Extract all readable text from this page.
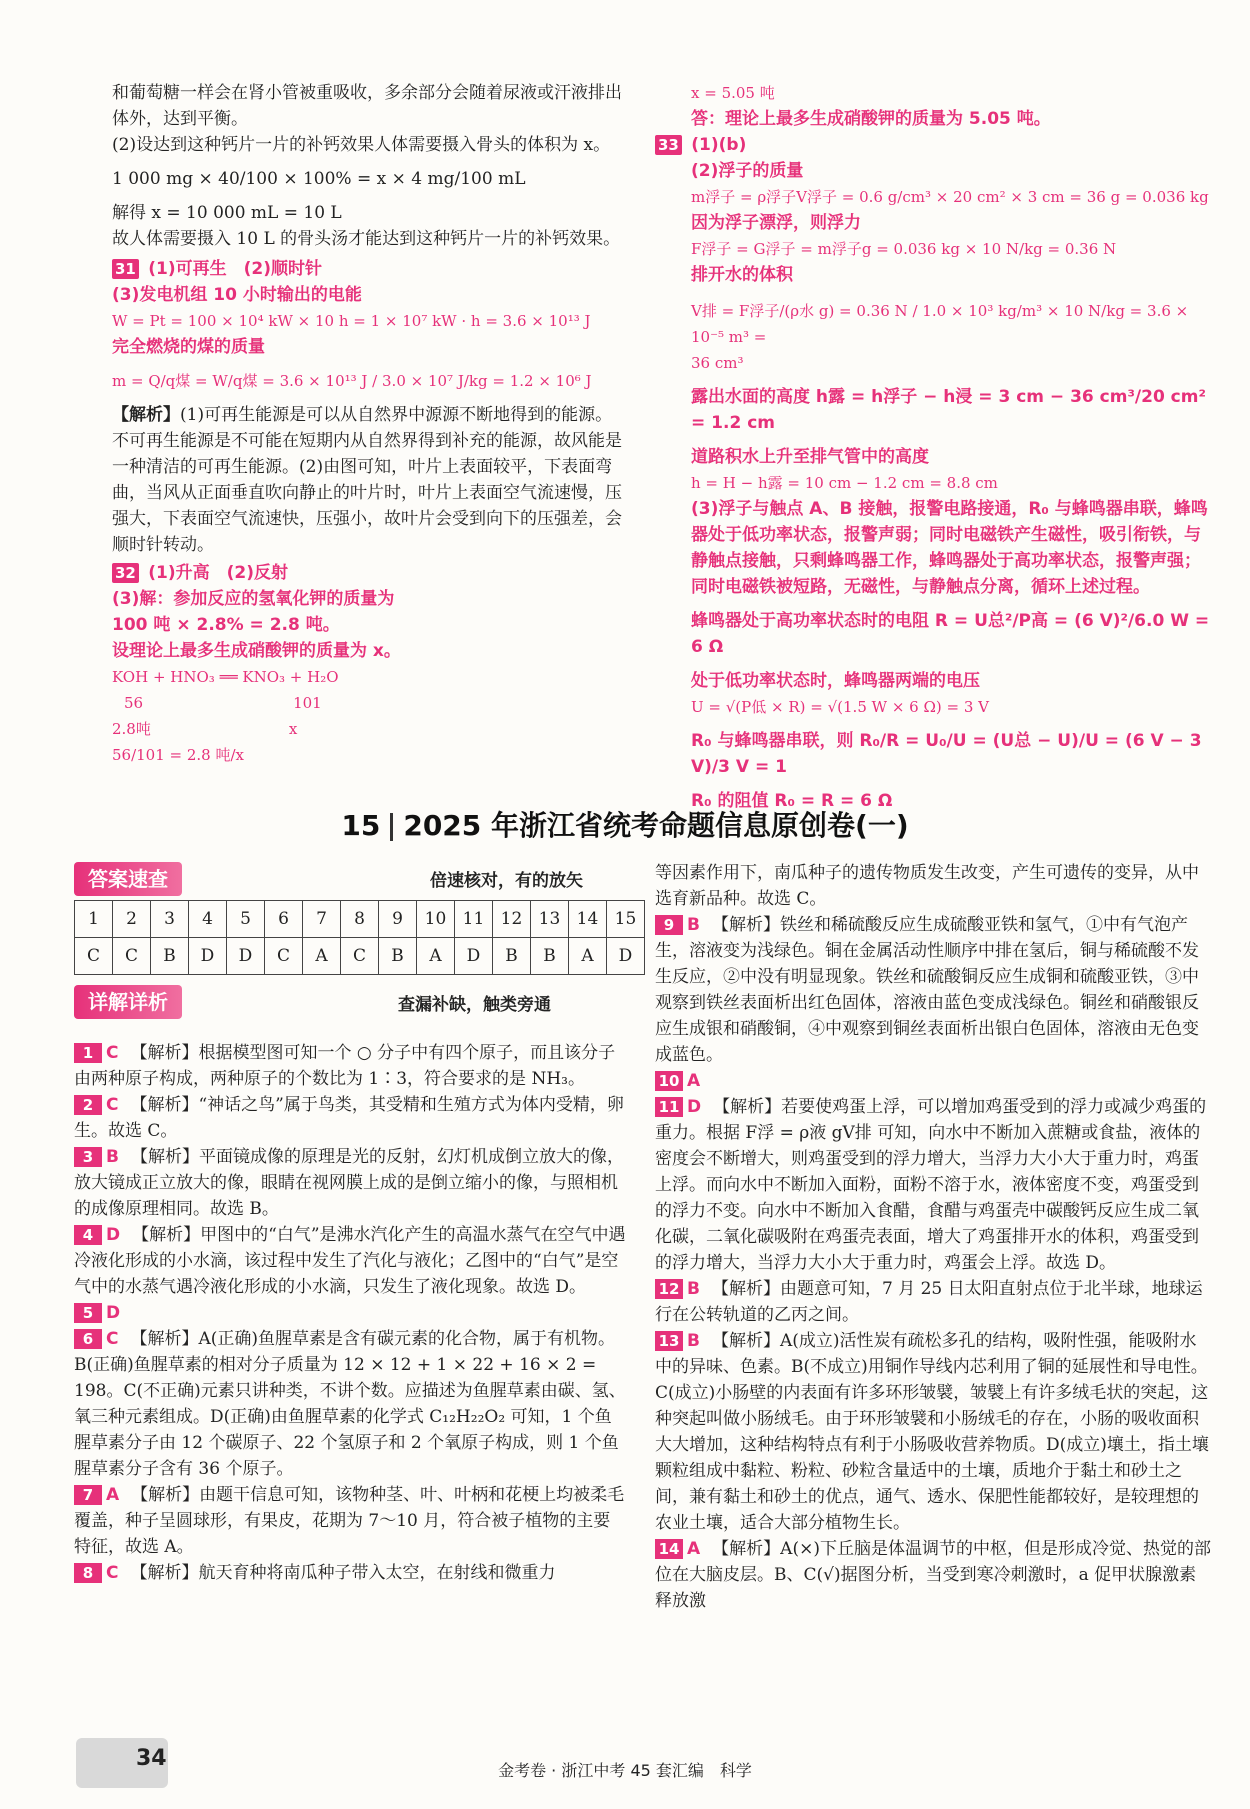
和葡萄糖一样会在肾小管被重吸收，多余部分会随着尿液或汗液排出体外，达到平衡。

(2)设达到这种钙片一片的补钙效果人体需要摄入骨头的体积为 x。

1 000 mg × 40/100 × 100% = x × 4 mg/100 mL

解得 x = 10 000 mL = 10 L

故人体需要摄入 10 L 的骨头汤才能达到这种钙片一片的补钙效果。

31 (1)可再生　(2)顺时针

(3)发电机组 10 小时输出的电能

W = Pt = 100 × 10⁴ kW × 10 h = 1 × 10⁷ kW · h = 3.6 × 10¹³ J

完全燃烧的煤的质量

m = Q/q煤 = W/q煤 = 3.6 × 10¹³ J / 3.0 × 10⁷ J/kg = 1.2 × 10⁶ J

【解析】(1)可再生能源是可以从自然界中源源不断地得到的能源。不可再生能源是不可能在短期内从自然界得到补充的能源，故风能是一种清洁的可再生能源。(2)由图可知，叶片上表面较平，下表面弯曲，当风从正面垂直吹向静止的叶片时，叶片上表面空气流速慢，压强大，下表面空气流速快，压强小，故叶片会受到向下的压强差，会顺时针转动。

32 (1)升高　(2)反射

(3)解：参加反应的氢氧化钾的质量为

100 吨 × 2.8% = 2.8 吨。

设理论上最多生成硝酸钾的质量为 x。

KOH + HNO₃ ══ KNO₃ + H₂O

56	101

2.8吨	x

56/101 = 2.8 吨/x

x = 5.05 吨

答：理论上最多生成硝酸钾的质量为 5.05 吨。

33 (1)(b)

(2)浮子的质量

m浮子 = ρ浮子V浮子 = 0.6 g/cm³ × 20 cm² × 3 cm = 36 g = 0.036 kg

因为浮子漂浮，则浮力

F浮子 = G浮子 = m浮子g = 0.036 kg × 10 N/kg = 0.36 N

排开水的体积

V排 = F浮子/(ρ水 g) = 0.36 N / 1.0 × 10³ kg/m³ × 10 N/kg = 3.6 × 10⁻⁵ m³ =

36 cm³

露出水面的高度 h露 = h浮子 − h浸 = 3 cm − 36 cm³/20 cm² = 1.2 cm

道路积水上升至排气管中的高度

h = H − h露 = 10 cm − 1.2 cm = 8.8 cm

(3)浮子与触点 A、B 接触，报警电路接通，R₀ 与蜂鸣器串联，蜂鸣器处于低功率状态，报警声弱；同时电磁铁产生磁性，吸引衔铁，与静触点接触，只剩蜂鸣器工作，蜂鸣器处于高功率状态，报警声强；同时电磁铁被短路，无磁性，与静触点分离，循环上述过程。

蜂鸣器处于高功率状态时的电阻 R = U总²/P高 = (6 V)²/6.0 W = 6 Ω

处于低功率状态时，蜂鸣器两端的电压

U = √(P低 × R) = √(1.5 W × 6 Ω) = 3 V

R₀ 与蜂鸣器串联，则 R₀/R = U₀/U = (U总 − U)/U = (6 V − 3 V)/3 V = 1

R₀ 的阻值 R₀ = R = 6 Ω

15 2025 年浙江省统考命题信息原创卷(一)
答案速查	倍速核对，有的放矢
1	2	3	4	5	6	7	8	9	10	11	12	13	14	15
C	C	B	D	D	C	A	C	B	A	D	B	B	A	D
详解详析	查漏补缺，触类旁通

1 C 【解析】根据模型图可知一个 ○ 分子中有四个原子，而且该分子由两种原子构成，两种原子的个数比为 1∶3，符合要求的是 NH₃。

2 C 【解析】“神话之鸟”属于鸟类，其受精和生殖方式为体内受精，卵生。故选 C。

3 B 【解析】平面镜成像的原理是光的反射，幻灯机成倒立放大的像，放大镜成正立放大的像，眼睛在视网膜上成的是倒立缩小的像，与照相机的成像原理相同。故选 B。

4 D 【解析】甲图中的“白气”是沸水汽化产生的高温水蒸气在空气中遇冷液化形成的小水滴，该过程中发生了汽化与液化；乙图中的“白气”是空气中的水蒸气遇冷液化形成的小水滴，只发生了液化现象。故选 D。

5 D

6 C 【解析】A(正确)鱼腥草素是含有碳元素的化合物，属于有机物。B(正确)鱼腥草素的相对分子质量为 12 × 12 + 1 × 22 + 16 × 2 = 198。C(不正确)元素只讲种类，不讲个数。应描述为鱼腥草素由碳、氢、氧三种元素组成。D(正确)由鱼腥草素的化学式 C₁₂H₂₂O₂ 可知，1 个鱼腥草素分子由 12 个碳原子、22 个氢原子和 2 个氧原子构成，则 1 个鱼腥草素分子含有 36 个原子。

7 A 【解析】由题干信息可知，该物种茎、叶、叶柄和花梗上均被柔毛覆盖，种子呈圆球形，有果皮，花期为 7～10 月，符合被子植物的主要特征，故选 A。

8 C 【解析】航天育种将南瓜种子带入太空，在射线和微重力

等因素作用下，南瓜种子的遗传物质发生改变，产生可遗传的变异，从中选育新品种。故选 C。

9 B 【解析】铁丝和稀硫酸反应生成硫酸亚铁和氢气，①中有气泡产生，溶液变为浅绿色。铜在金属活动性顺序中排在氢后，铜与稀硫酸不发生反应，②中没有明显现象。铁丝和硫酸铜反应生成铜和硫酸亚铁，③中观察到铁丝表面析出红色固体，溶液由蓝色变成浅绿色。铜丝和硝酸银反应生成银和硝酸铜，④中观察到铜丝表面析出银白色固体，溶液由无色变成蓝色。

10 A

11 D 【解析】若要使鸡蛋上浮，可以增加鸡蛋受到的浮力或减少鸡蛋的重力。根据 F浮 = ρ液 gV排 可知，向水中不断加入蔗糖或食盐，液体的密度会不断增大，则鸡蛋受到的浮力增大，当浮力大小大于重力时，鸡蛋上浮。而向水中不断加入面粉，面粉不溶于水，液体密度不变，鸡蛋受到的浮力不变。向水中不断加入食醋，食醋与鸡蛋壳中碳酸钙反应生成二氧化碳，二氧化碳吸附在鸡蛋壳表面，增大了鸡蛋排开水的体积，鸡蛋受到的浮力增大，当浮力大小大于重力时，鸡蛋会上浮。故选 D。

12 B 【解析】由题意可知，7 月 25 日太阳直射点位于北半球，地球运行在公转轨道的乙丙之间。

13 B 【解析】A(成立)活性炭有疏松多孔的结构，吸附性强，能吸附水中的异味、色素。B(不成立)用铜作导线内芯利用了铜的延展性和导电性。C(成立)小肠壁的内表面有许多环形皱襞，皱襞上有许多绒毛状的突起，这种突起叫做小肠绒毛。由于环形皱襞和小肠绒毛的存在，小肠的吸收面积大大增加，这种结构特点有利于小肠吸收营养物质。D(成立)壤土，指土壤颗粒组成中黏粒、粉粒、砂粒含量适中的土壤，质地介于黏土和砂土之间，兼有黏土和砂土的优点，通气、透水、保肥性能都较好，是较理想的农业土壤，适合大部分植物生长。

14 A 【解析】A(×)下丘脑是体温调节的中枢，但是形成冷觉、热觉的部位在大脑皮层。B、C(√)据图分析，当受到寒冷刺激时，a 促甲状腺激素释放激

34	金考卷 · 浙江中考 45 套汇编　科学
